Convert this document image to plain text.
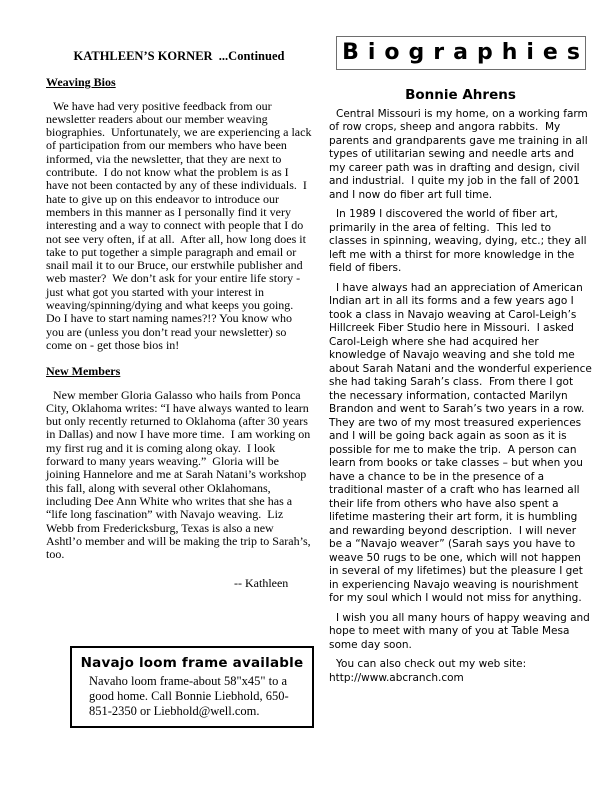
KATHLEEN’S KORNER  ...Continued
Weaving Bios

We have had very positive feedback from our newsletter readers about our member weaving biographies.  Unfortunately, we are experiencing a lack of participation from our members who have been informed, via the newsletter, that they are next to contribute.  I do not know what the problem is as I have not been contacted by any of these individuals.  I hate to give up on this endeavor to introduce our members in this manner as I personally find it very interesting and a way to connect with people that I do not see very often, if at all.  After all, how long does it take to put together a simple paragraph and email or snail mail it to our Bruce, our erstwhile publisher and web master?  We don’t ask for your entire life story - just what got you started with your interest in weaving/spinning/dying and what keeps you going.  Do I have to start naming names?!? You know who you are (unless you don’t read your newsletter) so come on - get those bios in!

New Members

New member Gloria Galasso who hails from Ponca City, Oklahoma writes: “I have always wanted to learn but only recently returned to Oklahoma (after 30 years in Dallas) and now I have more time.  I am working on my first rug and it is coming along okay.  I look forward to many years weaving.”  Gloria will be joining Hannelore and me at Sarah Natani’s workshop this fall, along with several other Oklahomans, including Dee Ann White who writes that she has a “life long fascination” with Navajo weaving.  Liz Webb from Fredericksburg, Texas is also a new Ashtl’o member and will be making the trip to Sarah’s, too.

-- Kathleen
Navajo loom frame available
Navaho loom frame-about 58"x45" to a good home. Call Bonnie Liebhold, 650-851-2350 or Liebhold@well.com.
Biographies
Bonnie Ahrens

Central Missouri is my home, on a working farm of row crops, sheep and angora rabbits.  My parents and grandparents gave me training in all types of utilitarian sewing and needle arts and my career path was in drafting and design, civil and industrial.  I quite my job in the fall of 2001 and I now do fiber art full time.

In 1989 I discovered the world of fiber art, primarily in the area of felting.  This led to classes in spinning, weaving, dying, etc.; they all left me with a thirst for more knowledge in the field of fibers.

I have always had an appreciation of American Indian art in all its forms and a few years ago I took a class in Navajo weaving at Carol-Leigh’s Hillcreek Fiber Studio here in Missouri.  I asked Carol-Leigh where she had acquired her knowledge of Navajo weaving and she told me about Sarah Natani and the wonderful experience she had taking Sarah’s class.  From there I got the necessary information, contacted Marilyn Brandon and went to Sarah’s two years in a row.  They are two of my most treasured experiences and I will be going back again as soon as it is possible for me to make the trip.  A person can learn from books or take classes – but when you have a chance to be in the presence of a traditional master of a craft who has learned all their life from others who have also spent a lifetime mastering their art form, it is humbling and rewarding beyond description.  I will never be a “Navajo weaver” (Sarah says you have to weave 50 rugs to be one, which will not happen in several of my lifetimes) but the pleasure I get in experiencing Navajo weaving is nourishment for my soul which I would not miss for anything.

I wish you all many hours of happy weaving and hope to meet with many of you at Table Mesa some day soon.

You can also check out my web site: http://www.abcranch.com
